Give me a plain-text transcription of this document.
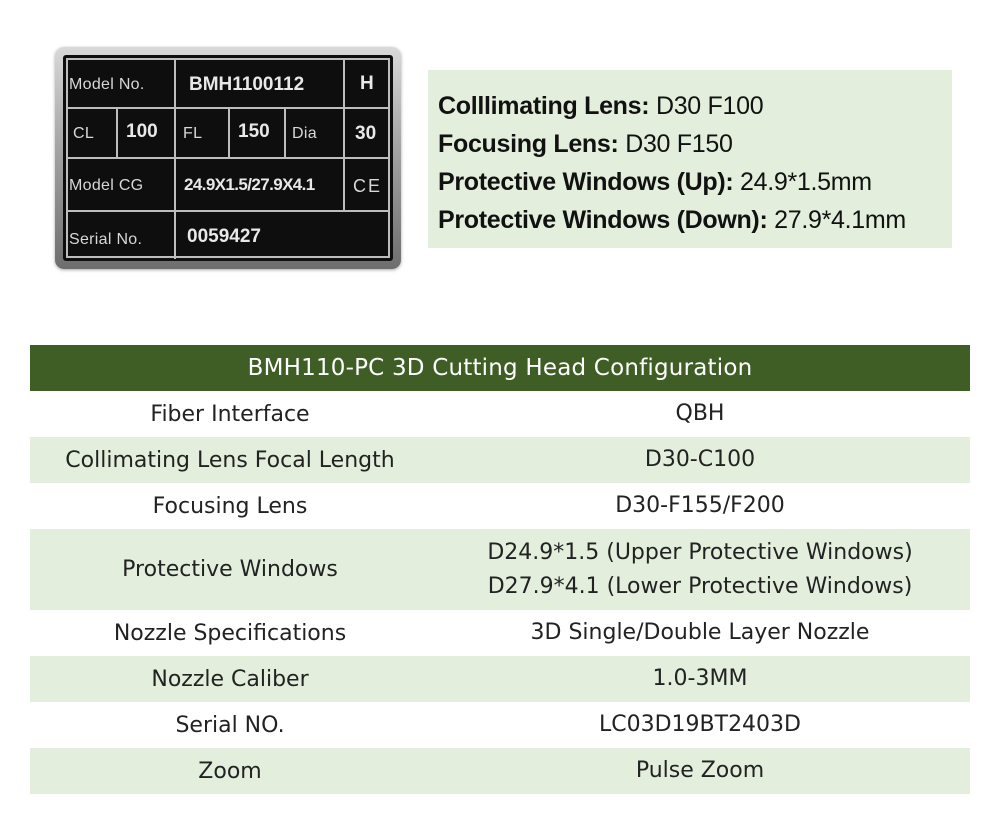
Model No. BMH1100112	H
CL 100 FL 150 Dia 30
Model CG 24.9X1.5/27.9X4.1 CE
Serial No. 0059427
Colllimating Lens: D30 F100
Focusing Lens: D30 F150
Protective Windows (Up): 24.9*1.5mm
Protective Windows (Down): 27.9*4.1mm
BMH110-PC 3D Cutting Head Configuration
Fiber Interface	QBH
Collimating Lens Focal Length	D30-C100
Focusing Lens	D30-F155/F200
Protective Windows
D24.9*1.5 (Upper Protective Windows)
D27.9*4.1 (Lower Protective Windows)
Nozzle Specifications	3D Single/Double Layer Nozzle
Nozzle Caliber	1.0-3MM
Serial NO.	LC03D19BT2403D
Zoom	Pulse Zoom
